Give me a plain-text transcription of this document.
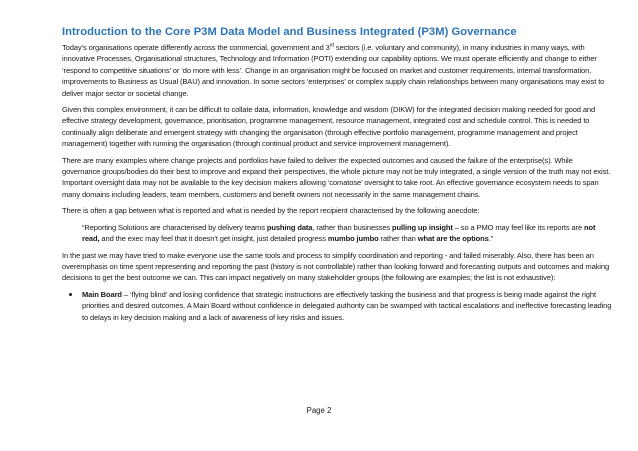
Introduction to the Core P3M Data Model and Business Integrated (P3M) Governance

Today’s organisations operate differently across the commercial, government and 3rd sectors (i.e. voluntary and community), in many industries in many ways, with innovative Processes, Organisational structures, Technology and Information (POTI) extending our capability options. We must operate efficiently and change to either ‘respond to competitive situations’ or ‘do more with less’. Change in an organisation might be focused on market and customer requirements, internal transformation, improvements to Business as Usual (BAU) and innovation. In some sectors ‘enterprises’ or complex supply chain relationships between many organisations may exist to deliver major sector or societal change.

Given this complex environment, it can be difficult to collate data, information, knowledge and wisdom (DIKW) for the integrated decision making needed for good and effective strategy development, governance, prioritisation, programme management, resource management, integrated cost and schedule control. This is needed to continually align deliberate and emergent strategy with changing the organisation (through effective portfolio management, programme management and project management) together with running the organisation (through continual product and service improvement management).

There are many examples where change projects and portfolios have failed to deliver the expected outcomes and caused the failure of the enterprise(s). While governance groups/bodies do their best to improve and expand their perspectives, the whole picture may not be truly integrated, a single version of the truth may not exist. Important oversight data may not be available to the key decision makers allowing ‘comatose’ oversight to take root. An effective governance ecosystem needs to span many domains including leaders, team members, customers and benefit owners not necessarily in the same management chains.

There is often a gap between what is reported and what is needed by the report recipient characterised by the following anecdote:

“Reporting Solutions are characterised by delivery teams pushing data, rather than businesses pulling up insight – so a PMO may feel like its reports are not read, and the exec may feel that it doesn’t get insight, just detailed progress mumbo jumbo rather than what are the options.”

In the past we may have tried to make everyone use the same tools and process to simplify coordination and reporting - and failed miserably. Also, there has been an overemphasis on time spent representing and reporting the past (history is not controllable) rather than looking forward and forecasting outputs and outcomes and making decisions to get the best outcome we can. This can impact negatively on many stakeholder groups (the following are examples; the list is not exhaustive):

Main Board – ‘flying blind’ and losing confidence that strategic instructions are effectively tasking the business and that progress is being made against the right priorities and desired outcomes. A Main Board without confidence in delegated authority can be swamped with tactical escalations and ineffective forecasting leading to delays in key decision making and a lack of awareness of key risks and issues.
Page 2
